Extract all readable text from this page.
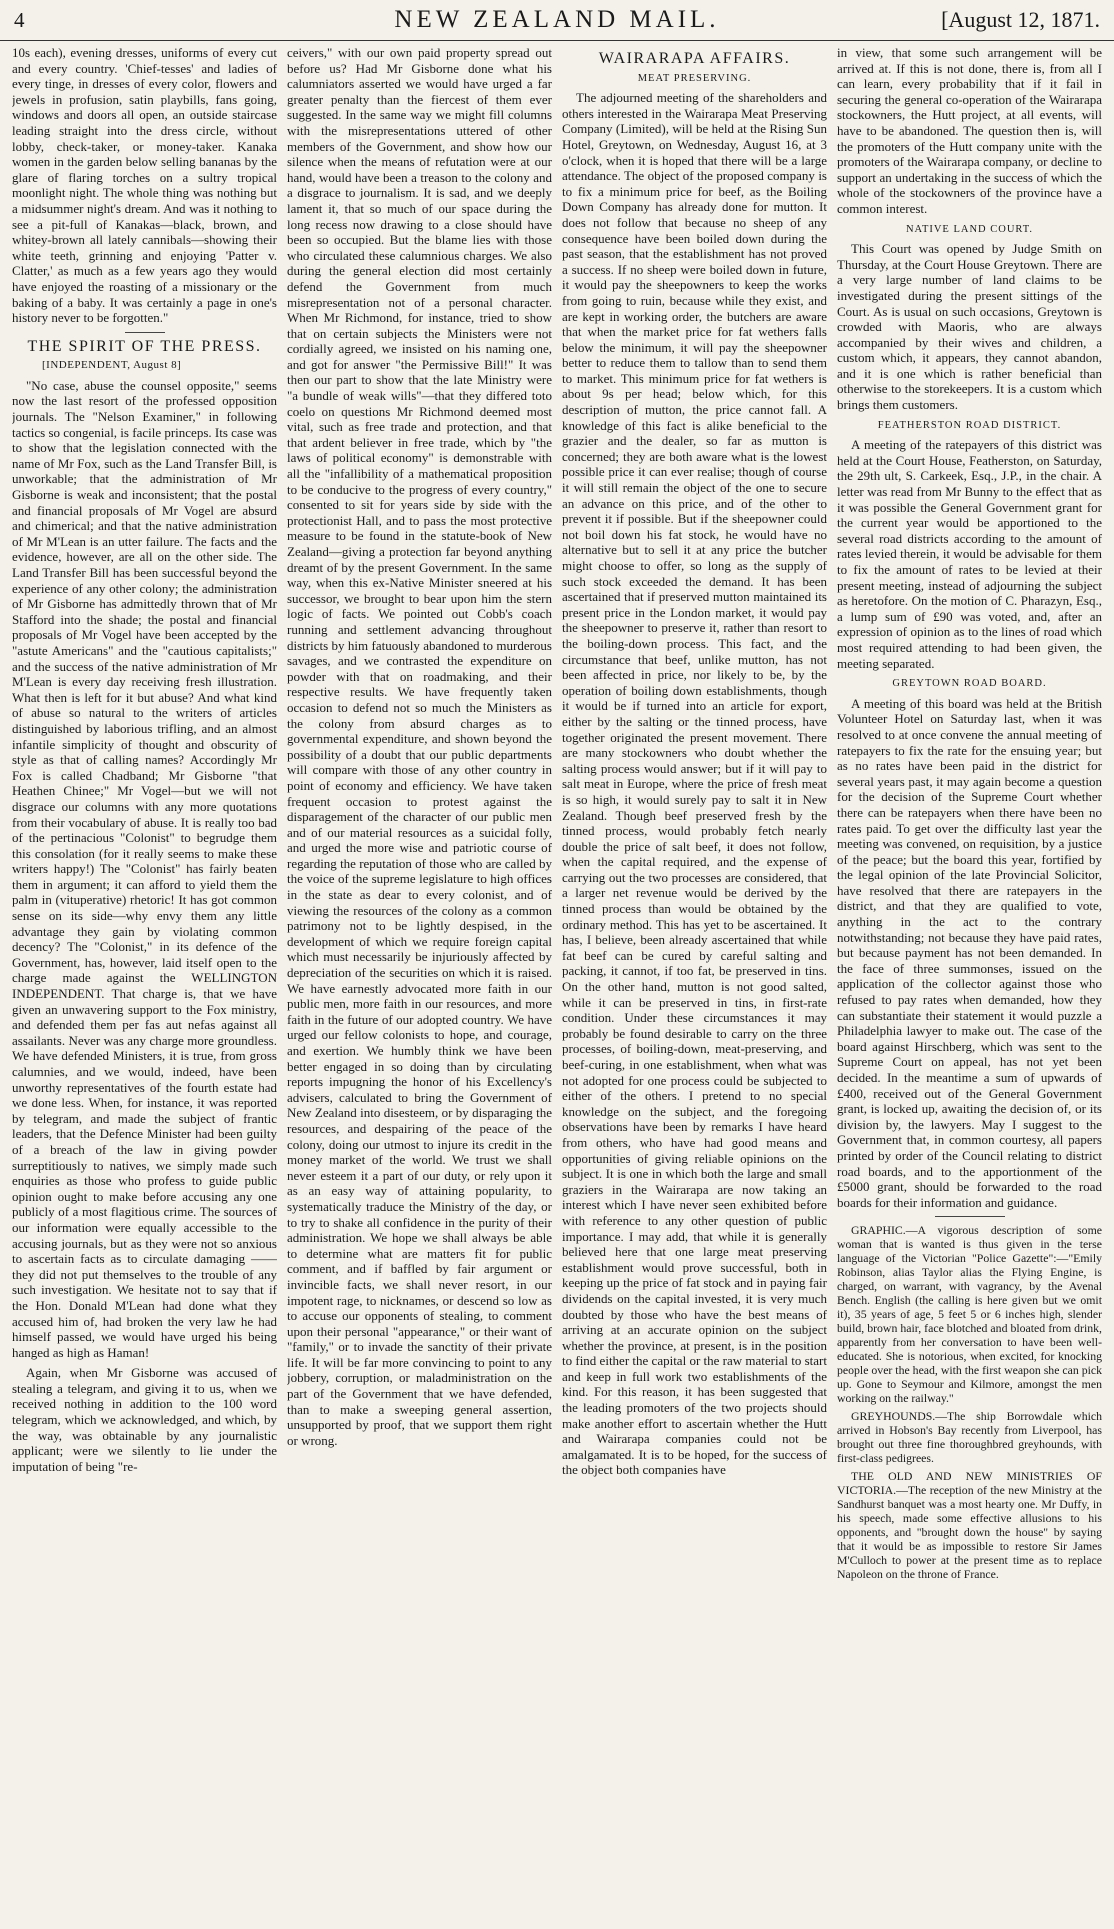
4	NEW ZEALAND MAIL.	[August 12, 1871.

10s each), evening dresses, uniforms of every cut and every country. 'Chief-tesses' and ladies of every tinge, in dresses of every color, flowers and jewels in profusion, satin playbills, fans going, windows and doors all open, an outside staircase leading straight into the dress circle, without lobby, check-taker, or money-taker. Kanaka women in the garden below selling bananas by the glare of flaring torches on a sultry tropical moonlight night. The whole thing was nothing but a midsummer night's dream. And was it nothing to see a pit-full of Kanakas—black, brown, and whitey-brown all lately cannibals—showing their white teeth, grinning and enjoying 'Patter v. Clatter,' as much as a few years ago they would have enjoyed the roasting of a missionary or the baking of a baby. It was certainly a page in one's history never to be forgotten."

THE SPIRIT OF THE PRESS.
[INDEPENDENT, August 8]

"No case, abuse the counsel opposite," seems now the last resort of the professed opposition journals. The "Nelson Examiner," in following tactics so congenial, is facile princeps. Its case was to show that the legislation connected with the name of Mr Fox, such as the Land Transfer Bill, is unworkable; that the administration of Mr Gisborne is weak and inconsistent; that the postal and financial proposals of Mr Vogel are absurd and chimerical; and that the native administration of Mr M'Lean is an utter failure. The facts and the evidence, however, are all on the other side. The Land Transfer Bill has been successful beyond the experience of any other colony; the administration of Mr Gisborne has admittedly thrown that of Mr Stafford into the shade; the postal and financial proposals of Mr Vogel have been accepted by the "astute Americans" and the "cautious capitalists;" and the success of the native administration of Mr M'Lean is every day receiving fresh illustration. What then is left for it but abuse? And what kind of abuse so natural to the writers of articles distinguished by laborious trifling, and an almost infantile simplicity of thought and obscurity of style as that of calling names? Accordingly Mr Fox is called Chadband; Mr Gisborne "that Heathen Chinee;" Mr Vogel—but we will not disgrace our columns with any more quotations from their vocabulary of abuse. It is really too bad of the pertinacious "Colonist" to begrudge them this consolation (for it really seems to make these writers happy!) The "Colonist" has fairly beaten them in argument; it can afford to yield them the palm in (vituperative) rhetoric! It has got common sense on its side—why envy them any little advantage they gain by violating common decency? The "Colonist," in its defence of the Government, has, however, laid itself open to the charge made against the WELLINGTON INDEPENDENT. That charge is, that we have given an unwavering support to the Fox ministry, and defended them per fas aut nefas against all assailants. Never was any charge more groundless. We have defended Ministers, it is true, from gross calumnies, and we would, indeed, have been unworthy representatives of the fourth estate had we done less. When, for instance, it was reported by telegram, and made the subject of frantic leaders, that the Defence Minister had been guilty of a breach of the law in giving powder surreptitiously to natives, we simply made such enquiries as those who profess to guide public opinion ought to make before accusing any one publicly of a most flagitious crime. The sources of our information were equally accessible to the accusing journals, but as they were not so anxious to ascertain facts as to circulate damaging —— they did not put themselves to the trouble of any such investigation. We hesitate not to say that if the Hon. Donald M'Lean had done what they accused him of, had broken the very law he had himself passed, we would have urged his being hanged as high as Haman!

Again, when Mr Gisborne was accused of stealing a telegram, and giving it to us, when we received nothing in addition to the 100 word telegram, which we acknowledged, and which, by the way, was obtainable by any journalistic applicant; were we silently to lie under the imputation of being "re-

ceivers," with our own paid property spread out before us? Had Mr Gisborne done what his calumniators asserted we would have urged a far greater penalty than the fiercest of them ever suggested. In the same way we might fill columns with the misrepresentations uttered of other members of the Government, and show how our silence when the means of refutation were at our hand, would have been a treason to the colony and a disgrace to journalism. It is sad, and we deeply lament it, that so much of our space during the long recess now drawing to a close should have been so occupied. But the blame lies with those who circulated these calumnious charges. We also during the general election did most certainly defend the Government from much misrepresentation not of a personal character. When Mr Richmond, for instance, tried to show that on certain subjects the Ministers were not cordially agreed, we insisted on his naming one, and got for answer "the Permissive Bill!" It was then our part to show that the late Ministry were "a bundle of weak wills"—that they differed toto coelo on questions Mr Richmond deemed most vital, such as free trade and protection, and that that ardent believer in free trade, which by "the laws of political economy" is demonstrable with all the "infallibility of a mathematical proposition to be conducive to the progress of every country," consented to sit for years side by side with the protectionist Hall, and to pass the most protective measure to be found in the statute-book of New Zealand—giving a protection far beyond anything dreamt of by the present Government. In the same way, when this ex-Native Minister sneered at his successor, we brought to bear upon him the stern logic of facts. We pointed out Cobb's coach running and settlement advancing throughout districts by him fatuously abandoned to murderous savages, and we contrasted the expenditure on powder with that on roadmaking, and their respective results. We have frequently taken occasion to defend not so much the Ministers as the colony from absurd charges as to governmental expenditure, and shown beyond the possibility of a doubt that our public departments will compare with those of any other country in point of economy and efficiency. We have taken frequent occasion to protest against the disparagement of the character of our public men and of our material resources as a suicidal folly, and urged the more wise and patriotic course of regarding the reputation of those who are called by the voice of the supreme legislature to high offices in the state as dear to every colonist, and of viewing the resources of the colony as a common patrimony not to be lightly despised, in the development of which we require foreign capital which must necessarily be injuriously affected by depreciation of the securities on which it is raised. We have earnestly advocated more faith in our public men, more faith in our resources, and more faith in the future of our adopted country. We have urged our fellow colonists to hope, and courage, and exertion. We humbly think we have been better engaged in so doing than by circulating reports impugning the honor of his Excellency's advisers, calculated to bring the Government of New Zealand into disesteem, or by disparaging the resources, and despairing of the peace of the colony, doing our utmost to injure its credit in the money market of the world. We trust we shall never esteem it a part of our duty, or rely upon it as an easy way of attaining popularity, to systematically traduce the Ministry of the day, or to try to shake all confidence in the purity of their administration. We hope we shall always be able to determine what are matters fit for public comment, and if baffled by fair argument or invincible facts, we shall never resort, in our impotent rage, to nicknames, or descend so low as to accuse our opponents of stealing, to comment upon their personal "appearance," or their want of "family," or to invade the sanctity of their private life. It will be far more convincing to point to any jobbery, corruption, or maladministration on the part of the Government that we have defended, than to make a sweeping general assertion, unsupported by proof, that we support them right or wrong.

WAIRARAPA AFFAIRS.
MEAT PRESERVING.

The adjourned meeting of the shareholders and others interested in the Wairarapa Meat Preserving Company (Limited), will be held at the Rising Sun Hotel, Greytown, on Wednesday, August 16, at 3 o'clock, when it is hoped that there will be a large attendance. The object of the proposed company is to fix a minimum price for beef, as the Boiling Down Company has already done for mutton. It does not follow that because no sheep of any consequence have been boiled down during the past season, that the establishment has not proved a success. If no sheep were boiled down in future, it would pay the sheepowners to keep the works from going to ruin, because while they exist, and are kept in working order, the butchers are aware that when the market price for fat wethers falls below the minimum, it will pay the sheepowner better to reduce them to tallow than to send them to market. This minimum price for fat wethers is about 9s per head; below which, for this description of mutton, the price cannot fall. A knowledge of this fact is alike beneficial to the grazier and the dealer, so far as mutton is concerned; they are both aware what is the lowest possible price it can ever realise; though of course it will still remain the object of the one to secure an advance on this price, and of the other to prevent it if possible. But if the sheepowner could not boil down his fat stock, he would have no alternative but to sell it at any price the butcher might choose to offer, so long as the supply of such stock exceeded the demand. It has been ascertained that if preserved mutton maintained its present price in the London market, it would pay the sheepowner to preserve it, rather than resort to the boiling-down process. This fact, and the circumstance that beef, unlike mutton, has not been affected in price, nor likely to be, by the operation of boiling down establishments, though it would be if turned into an article for export, either by the salting or the tinned process, have together originated the present movement. There are many stockowners who doubt whether the salting process would answer; but if it will pay to salt meat in Europe, where the price of fresh meat is so high, it would surely pay to salt it in New Zealand. Though beef preserved fresh by the tinned process, would probably fetch nearly double the price of salt beef, it does not follow, when the capital required, and the expense of carrying out the two processes are considered, that a larger net revenue would be derived by the tinned process than would be obtained by the ordinary method. This has yet to be ascertained. It has, I believe, been already ascertained that while fat beef can be cured by careful salting and packing, it cannot, if too fat, be preserved in tins. On the other hand, mutton is not good salted, while it can be preserved in tins, in first-rate condition. Under these circumstances it may probably be found desirable to carry on the three processes, of boiling-down, meat-preserving, and beef-curing, in one establishment, when what was not adopted for one process could be subjected to either of the others. I pretend to no special knowledge on the subject, and the foregoing observations have been by remarks I have heard from others, who have had good means and opportunities of giving reliable opinions on the subject. It is one in which both the large and small graziers in the Wairarapa are now taking an interest which I have never seen exhibited before with reference to any other question of public importance. I may add, that while it is generally believed here that one large meat preserving establishment would prove successful, both in keeping up the price of fat stock and in paying fair dividends on the capital invested, it is very much doubted by those who have the best means of arriving at an accurate opinion on the subject whether the province, at present, is in the position to find either the capital or the raw material to start and keep in full work two establishments of the kind. For this reason, it has been suggested that the leading promoters of the two projects should make another effort to ascertain whether the Hutt and Wairarapa companies could not be amalgamated. It is to be hoped, for the success of the object both companies have

in view, that some such arrangement will be arrived at. If this is not done, there is, from all I can learn, every probability that if it fail in securing the general co-operation of the Wairarapa stockowners, the Hutt project, at all events, will have to be abandoned. The question then is, will the promoters of the Hutt company unite with the promoters of the Wairarapa company, or decline to support an undertaking in the success of which the whole of the stockowners of the province have a common interest.

NATIVE LAND COURT.

This Court was opened by Judge Smith on Thursday, at the Court House Greytown. There are a very large number of land claims to be investigated during the present sittings of the Court. As is usual on such occasions, Greytown is crowded with Maoris, who are always accompanied by their wives and children, a custom which, it appears, they cannot abandon, and it is one which is rather beneficial than otherwise to the storekeepers. It is a custom which brings them customers.

FEATHERSTON ROAD DISTRICT.

A meeting of the ratepayers of this district was held at the Court House, Featherston, on Saturday, the 29th ult, S. Carkeek, Esq., J.P., in the chair. A letter was read from Mr Bunny to the effect that as it was possible the General Government grant for the current year would be apportioned to the several road districts according to the amount of rates levied therein, it would be advisable for them to fix the amount of rates to be levied at their present meeting, instead of adjourning the subject as heretofore. On the motion of C. Pharazyn, Esq., a lump sum of £90 was voted, and, after an expression of opinion as to the lines of road which most required attending to had been given, the meeting separated.

GREYTOWN ROAD BOARD.

A meeting of this board was held at the British Volunteer Hotel on Saturday last, when it was resolved to at once convene the annual meeting of ratepayers to fix the rate for the ensuing year; but as no rates have been paid in the district for several years past, it may again become a question for the decision of the Supreme Court whether there can be ratepayers when there have been no rates paid. To get over the difficulty last year the meeting was convened, on requisition, by a justice of the peace; but the board this year, fortified by the legal opinion of the late Provincial Solicitor, have resolved that there are ratepayers in the district, and that they are qualified to vote, anything in the act to the contrary notwithstanding; not because they have paid rates, but because payment has not been demanded. In the face of three summonses, issued on the application of the collector against those who refused to pay rates when demanded, how they can substantiate their statement it would puzzle a Philadelphia lawyer to make out. The case of the board against Hirschberg, which was sent to the Supreme Court on appeal, has not yet been decided. In the meantime a sum of upwards of £400, received out of the General Government grant, is locked up, awaiting the decision of, or its division by, the lawyers. May I suggest to the Government that, in common courtesy, all papers printed by order of the Council relating to district road boards, and to the apportionment of the £5000 grant, should be forwarded to the road boards for their information and guidance.

GRAPHIC.—A vigorous description of some woman that is wanted is thus given in the terse language of the Victorian "Police Gazette":—"Emily Robinson, alias Taylor alias the Flying Engine, is charged, on warrant, with vagrancy, by the Avenal Bench. English (the calling is here given but we omit it), 35 years of age, 5 feet 5 or 6 inches high, slender build, brown hair, face blotched and bloated from drink, apparently from her conversation to have been well-educated. She is notorious, when excited, for knocking people over the head, with the first weapon she can pick up. Gone to Seymour and Kilmore, amongst the men working on the railway."

GREYHOUNDS.—The ship Borrowdale which arrived in Hobson's Bay recently from Liverpool, has brought out three fine thoroughbred greyhounds, with first-class pedigrees.

THE OLD AND NEW MINISTRIES OF VICTORIA.—The reception of the new Ministry at the Sandhurst banquet was a most hearty one. Mr Duffy, in his speech, made some effective allusions to his opponents, and "brought down the house" by saying that it would be as impossible to restore Sir James M'Culloch to power at the present time as to replace Napoleon on the throne of France.
